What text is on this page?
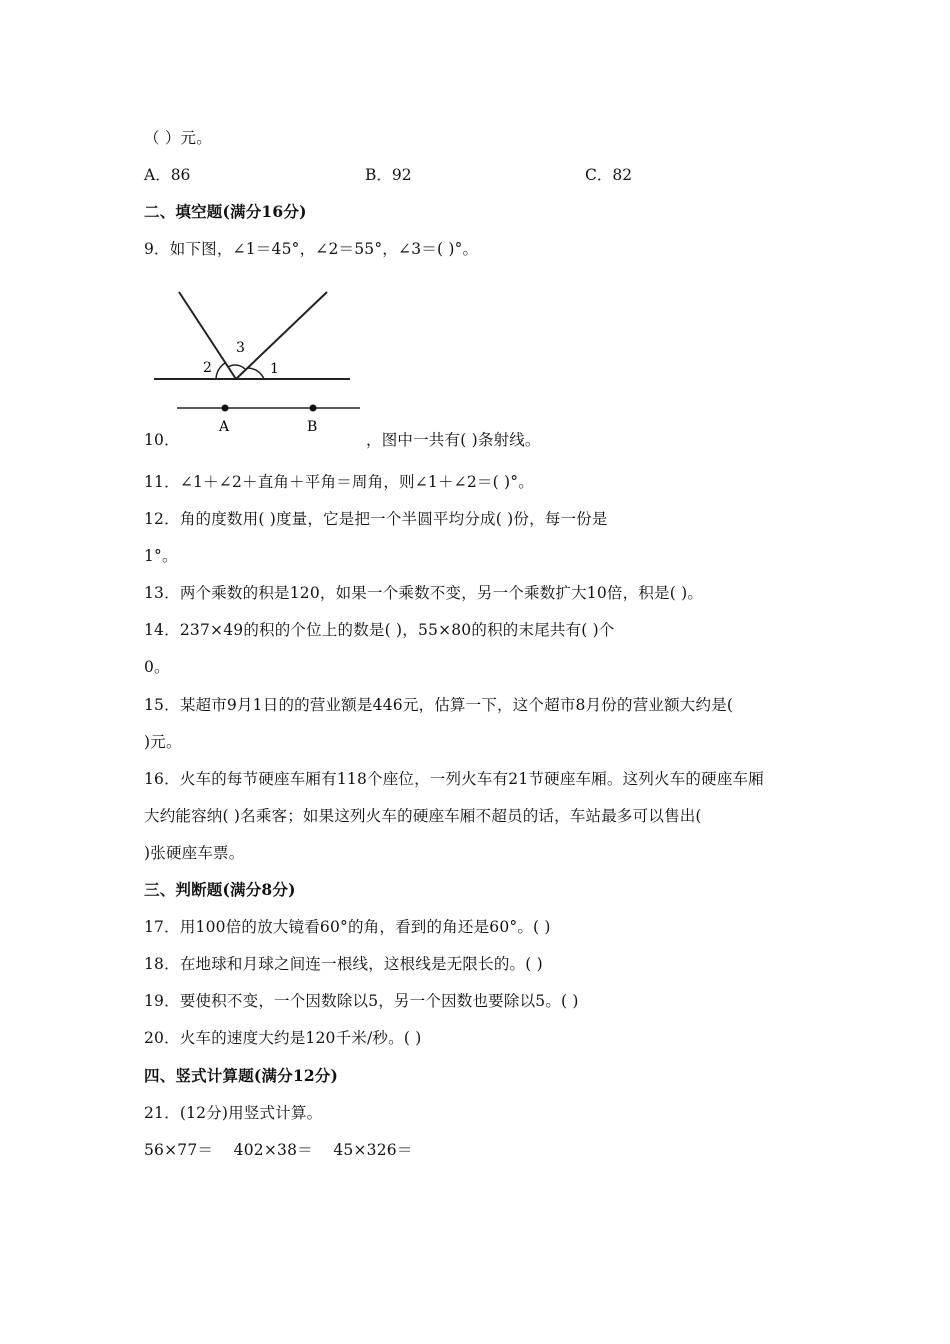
（ ）元。
A．86	B．92	C．82
二、填空题(满分16分)
9．如下图，∠1＝45°，∠2＝55°，∠3＝( )°。
2
3
1
A	B
10．	，图中一共有( )条射线。
11．∠1＋∠2＋直角＋平角＝周角，则∠1＋∠2＝( )°。
12．角的度数用( )度量，它是把一个半圆平均分成( )份，每一份是
1°。
13．两个乘数的积是120，如果一个乘数不变，另一个乘数扩大10倍，积是( )。
14．237×49的积的个位上的数是( )，55×80的积的末尾共有( )个
0。
15．某超市9月1日的的营业额是446元，估算一下，这个超市8月份的营业额大约是(
)元。
16．火车的每节硬座车厢有118个座位，一列火车有21节硬座车厢。这列火车的硬座车厢
大约能容纳( )名乘客；如果这列火车的硬座车厢不超员的话，车站最多可以售出(
)张硬座车票。
三、判断题(满分8分)
17．用100倍的放大镜看60°的角，看到的角还是60°。( )
18．在地球和月球之间连一根线，这根线是无限长的。( )
19．要使积不变，一个因数除以5，另一个因数也要除以5。( )
20．火车的速度大约是120千米/秒。( )
四、竖式计算题(满分12分)
21．(12分)用竖式计算。
56×77＝    402×38＝    45×326＝
